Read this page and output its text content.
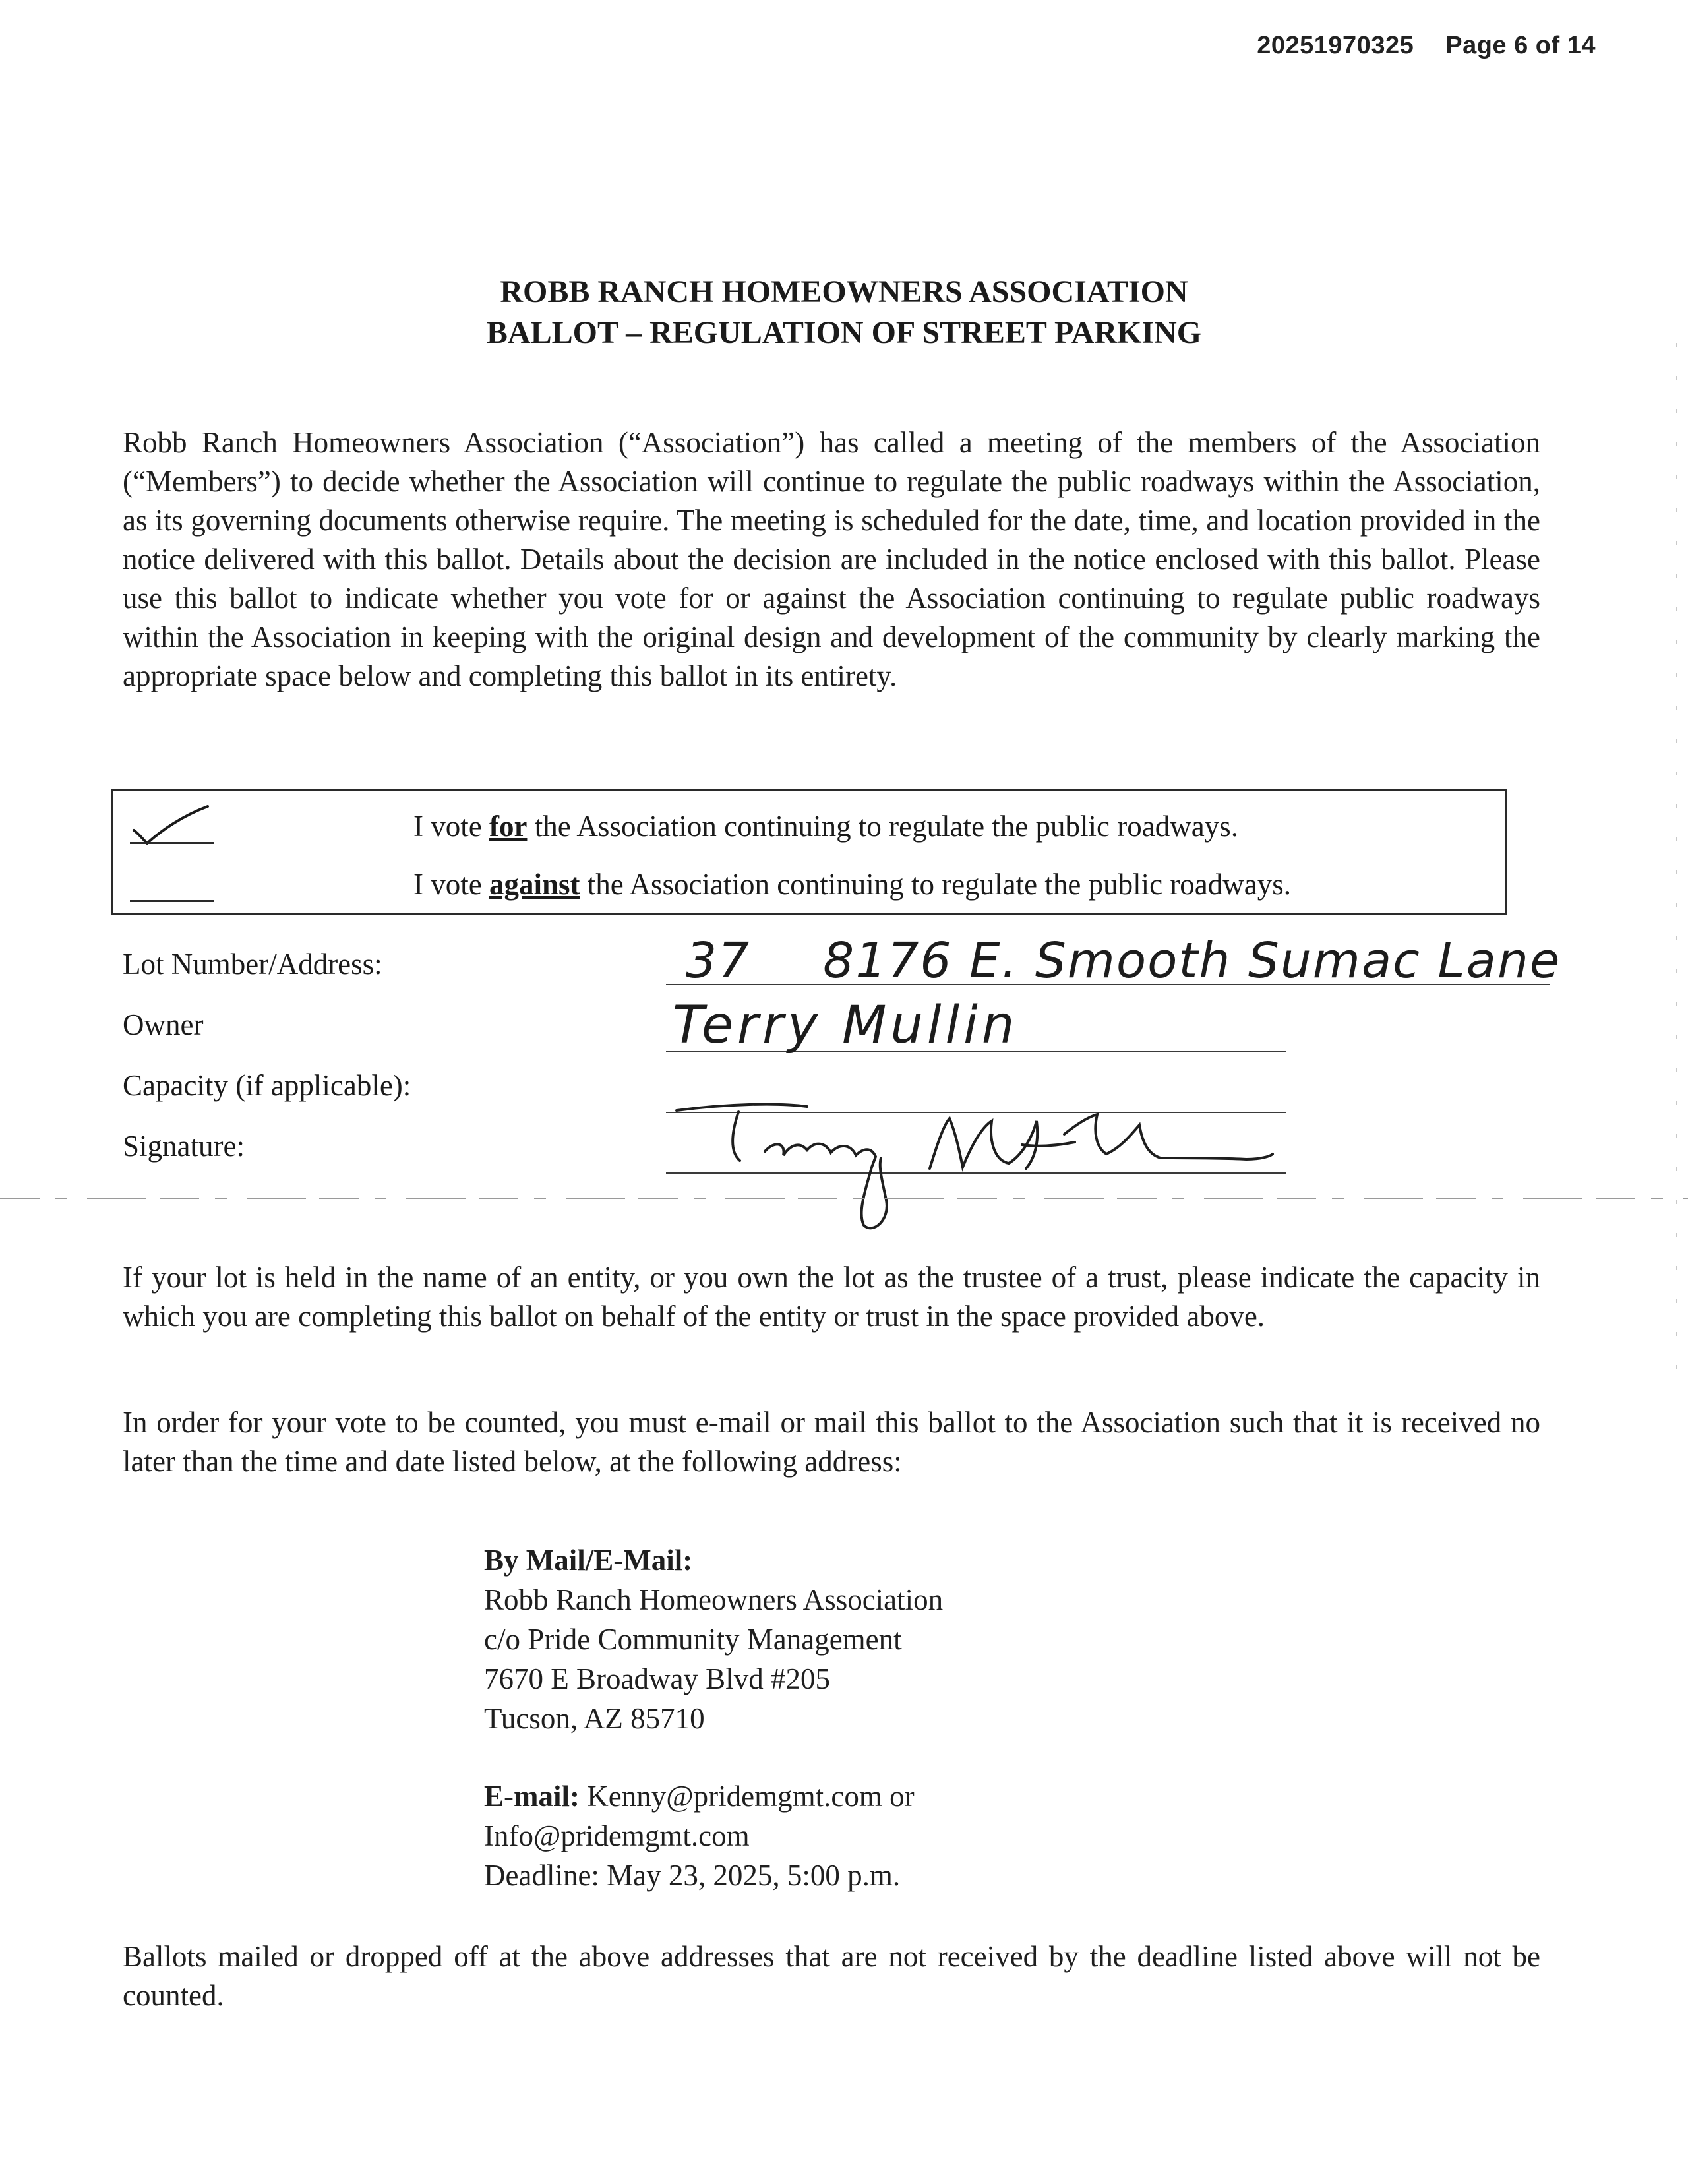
20251970325 Page 6 of 14
ROBB RANCH HOMEOWNERS ASSOCIATION
BALLOT – REGULATION OF STREET PARKING
Robb Ranch Homeowners Association (“Association”) has called a meeting of the members of the Association (“Members”) to decide whether the Association will continue to regulate the public roadways within the Association, as its governing documents otherwise require. The meeting is scheduled for the date, time, and location provided in the notice delivered with this ballot. Details about the decision are included in the notice enclosed with this ballot. Please use this ballot to indicate whether you vote for or against the Association continuing to regulate public roadways within the Association in keeping with the original design and development of the community by clearly marking the appropriate space below and completing this ballot in its entirety.
I vote for the Association continuing to regulate the public roadways.
I vote against the Association continuing to regulate the public roadways.
Lot Number/Address:
Owner
Capacity (if applicable):
Signature:
37 8176 E. Smooth Sumac Lane
Terry Mullin
If your lot is held in the name of an entity, or you own the lot as the trustee of a trust, please indicate the capacity in which you are completing this ballot on behalf of the entity or trust in the space provided above.
In order for your vote to be counted, you must e-mail or mail this ballot to the Association such that it is received no later than the time and date listed below, at the following address:
By Mail/E-Mail:
Robb Ranch Homeowners Association
c/o Pride Community Management
7670 E Broadway Blvd #205
Tucson, AZ 85710
E-mail: Kenny@pridemgmt.com or
Info@pridemgmt.com
Deadline: May 23, 2025, 5:00 p.m.
Ballots mailed or dropped off at the above addresses that are not received by the deadline listed above will not be counted.
